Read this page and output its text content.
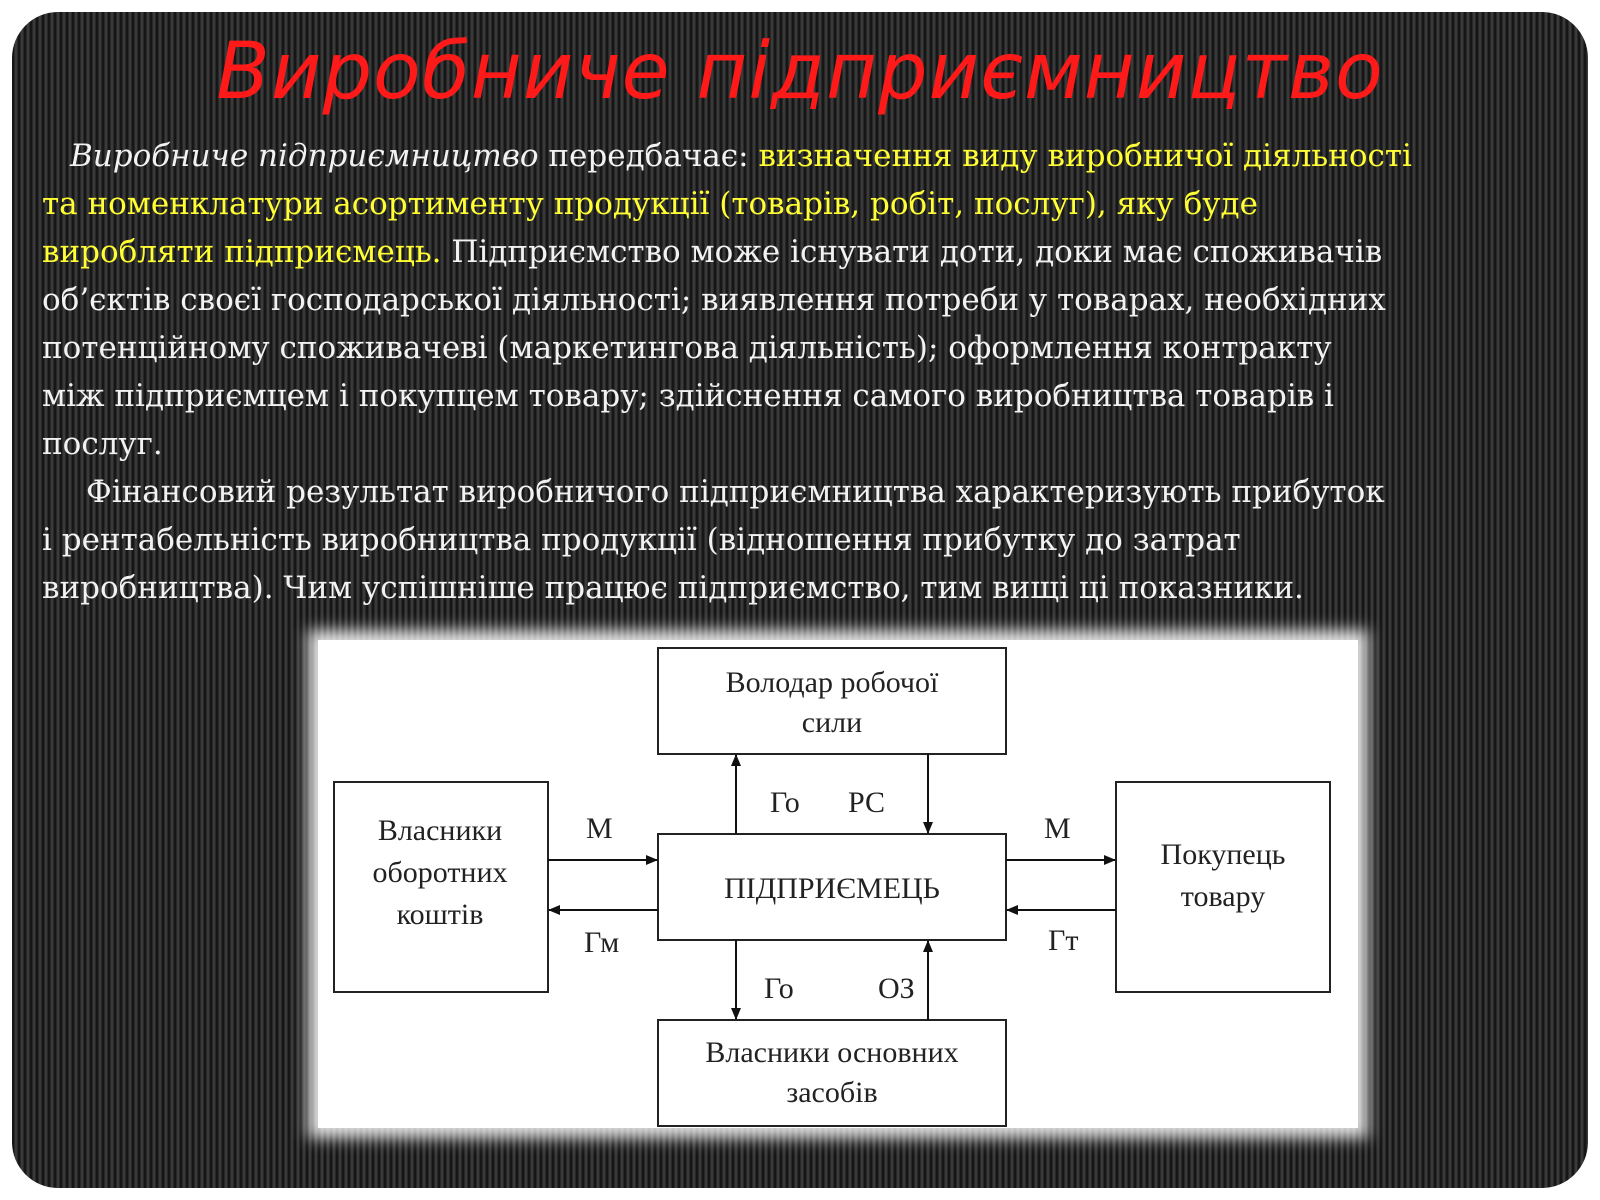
Виробниче підприємництво

Виробниче підприємництво передбачає: визначення виду виробничої діяльності

та номенклатури асортименту продукції (товарів, робіт, послуг), яку буде

виробляти підприємець. Підприємство може існувати доти, доки має споживачів

об’єктів своєї господарської діяльності; виявлення потреби у товарах, необхідних

потенційному споживачеві (маркетингова діяльність); оформлення контракту

між підприємцем і покупцем товару; здійснення самого виробництва товарів і

послуг.

Фінансовий результат виробничого підприємництва характеризують прибуток

і рентабельність виробництва продукції (відношення прибутку до затрат

виробництва). Чим успішніше працює підприємство, тим вищі ці показники.

Володар робочої
сили
Власники
оборотних
коштів
ПІДПРИЄМЕЦЬ
Покупець
товару
Власники основних
засобів
Го РС
М
Гм
М
Гт
Го	ОЗ
